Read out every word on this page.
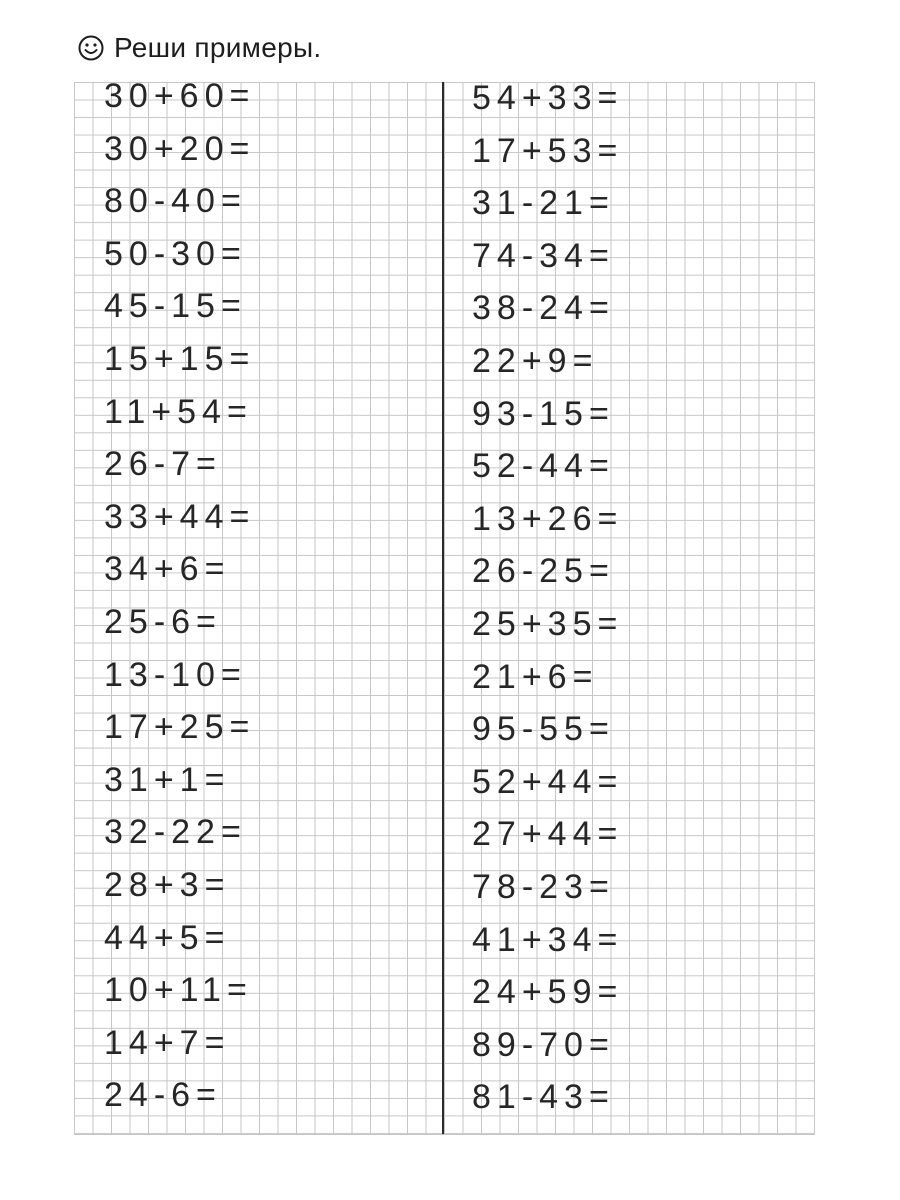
Реши примеры.
30+60=
30+20=
80-40=
50-30=
45-15=
15+15=
11+54=
26-7=
33+44=
34+6=
25-6=
13-10=
17+25=
31+1=
32-22=
28+3=
44+5=
10+11=
14+7=
24-6=
54+33=
17+53=
31-21=
74-34=
38-24=
22+9=
93-15=
52-44=
13+26=
26-25=
25+35=
21+6=
95-55=
52+44=
27+44=
78-23=
41+34=
24+59=
89-70=
81-43=
